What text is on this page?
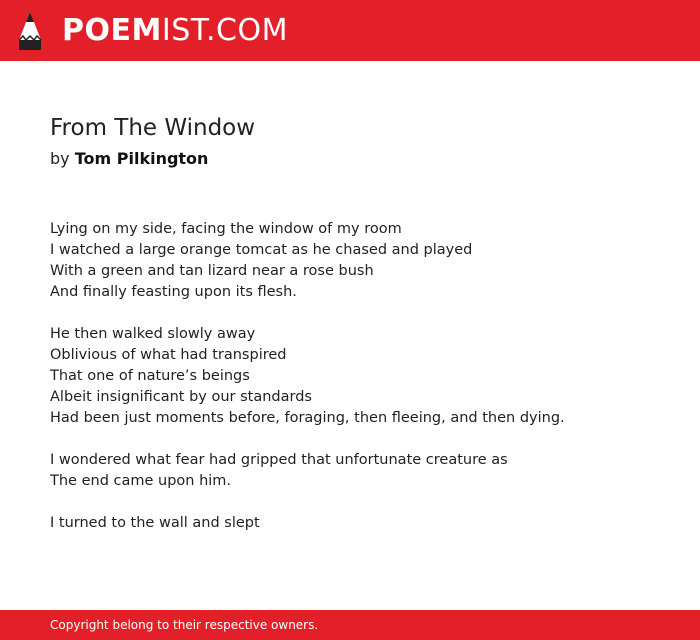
POEMIST.COM
From The Window
by Tom Pilkington
Lying on my side, facing the window of my room
I watched a large orange tomcat as he chased and played
With a green and tan lizard near a rose bush
And finally feasting upon its flesh.
He then walked slowly away
Oblivious of what had transpired
That one of nature’s beings
Albeit insignificant by our standards
Had been just moments before, foraging, then fleeing, and then dying.
I wondered what fear had gripped that unfortunate creature as
The end came upon him.
I turned to the wall and slept
Copyright belong to their respective owners.
